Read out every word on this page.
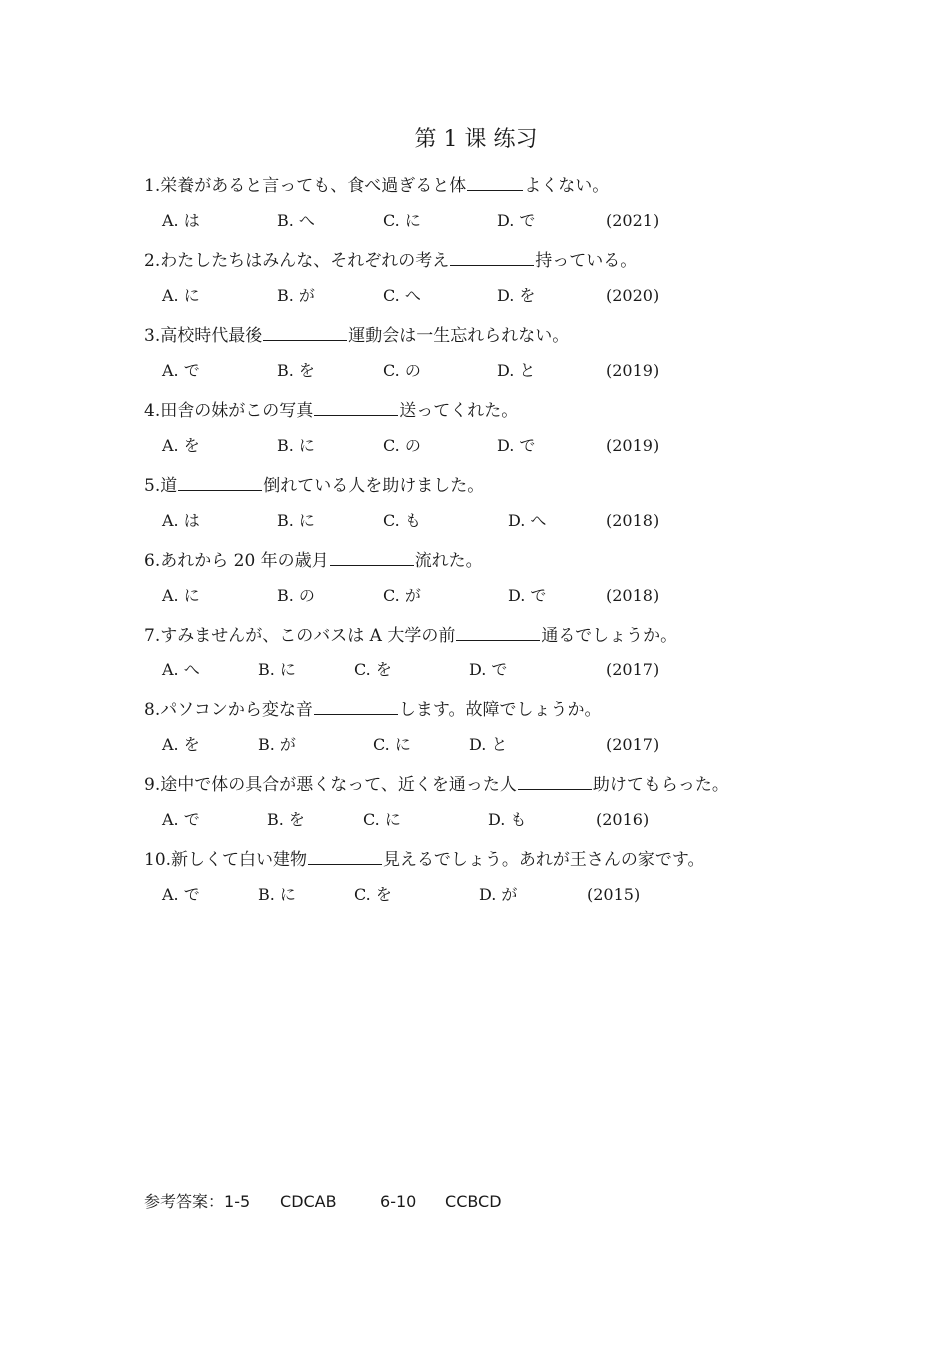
第 1 课 练习
1.栄養があると言っても、食べ過ぎると体	よくない。
A. は	B. へ	C. に	D. で	(2021)
2.わたしたちはみんな、それぞれの考え	持っている。
A. に	B. が	C. へ	D. を	(2020)
3.高校時代最後	運動会は一生忘れられない。
A. で	B. を	C. の	D. と	(2019)
4.田舎の妹がこの写真	送ってくれた。
A. を	B. に	C. の	D. で	(2019)
5.道	倒れている人を助けました。
A. は	B. に	C. も	D. へ	(2018)
6.あれから 20 年の歳月	流れた。
A. に	B. の	C. が	D. で	(2018)
7.すみませんが、このバスは A 大学の前	通るでしょうか。
A. へ	B. に	C. を	D. で	(2017)
8.パソコンから変な音	します。故障でしょうか。
A. を	B. が	C. に	D. と	(2017)
9.途中で体の具合が悪くなって、近くを通った人	助けてもらった。
A. で	B. を	C. に	D. も	(2016)
10.新しくて白い建物	見えるでしょう。あれが王さんの家です。
A. で	B. に	C. を	D. が	(2015)
参考答案：1-5 CDCAB	6-10 CCBCD
